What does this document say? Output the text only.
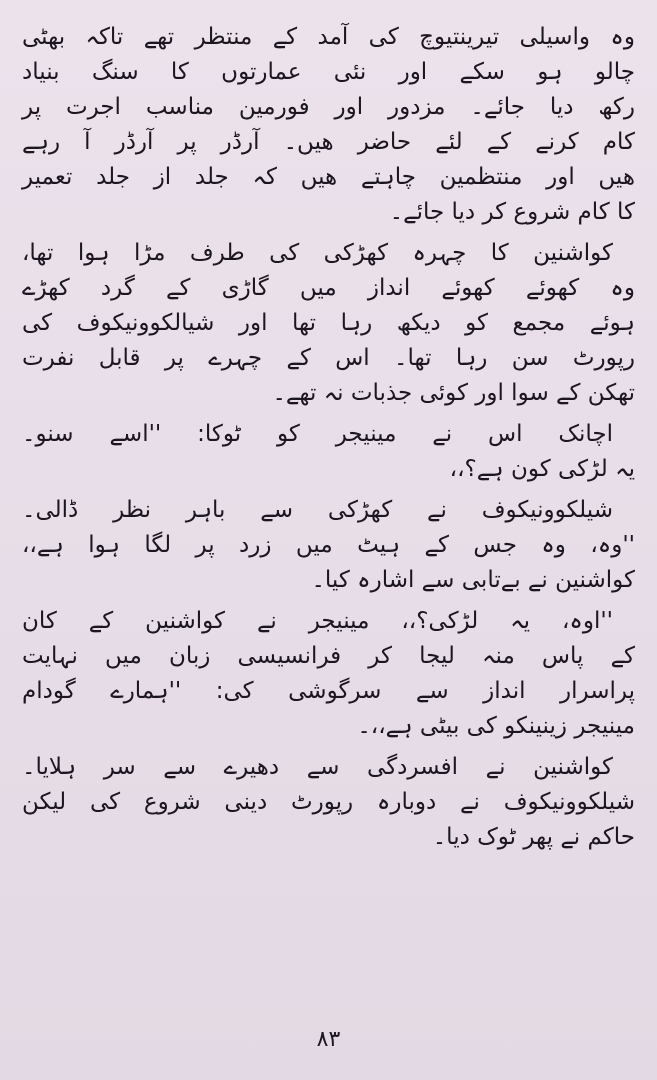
وہ واسیلی تیرینتیوچ کی آمد کے منتظر تھے تاکہ بھٹی
چالو ہو سکے اور نئی عمارتوں کا سنگ بنیاد
رکھ دیا جائے۔ مزدور اور فورمین مناسب اجرت پر
کام کرنے کے لئے حاضر ھیں۔ آرڈر پر آرڈر آ رہے
ھیں اور منتظمین چاہتے ھیں کہ جلد از جلد تعمیر
کا کام شروع کر دیا جائے۔
کواشنین کا چہرہ کھڑکی کی طرف مڑا ہوا تھا،
وہ کھوئے کھوئے انداز میں گاڑی کے گرد کھڑے
ہوئے مجمع کو دیکھ رہا تھا اور شیالکوونیکوف کی
رپورٹ سن رہا تھا۔ اس کے چہرے پر قابل نفرت
تھکن کے سوا اور کوئی جذبات نہ تھے۔
اچانک اس نے مینیجر کو ٹوکا: ''اسے سنو۔
یہ لڑکی کون ہے؟،،
شیلکوونیکوف نے کھڑکی سے باہر نظر ڈالی۔
''وہ، وہ جس کے ہیٹ میں زرد پر لگا ہوا ہے،،
کواشنین نے بےتابی سے اشارہ کیا۔
''اوہ، یہ لڑکی؟،، مینیجر نے کواشنین کے کان
کے پاس منہ لیجا کر فرانسیسی زبان میں نہایت
پراسرار انداز سے سرگوشی کی: ''ہمارے گودام
مینیجر زینینکو کی بیٹی ہے،،۔
کواشنین نے افسردگی سے دھیرے سے سر ہلایا۔
شیلکوونیکوف نے دوبارہ رپورٹ دینی شروع کی لیکن
حاکم نے پھر ٹوک دیا۔
۸۳
